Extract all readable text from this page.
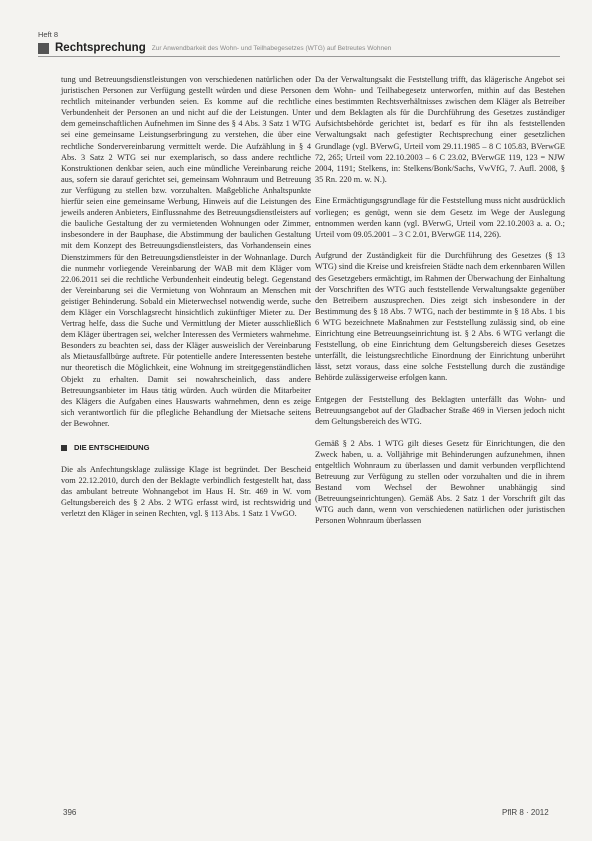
Heft 8
Rechtsprechung Zur Anwendbarkeit des Wohn- und Teilhabegesetzes (WTG) auf Betreutes Wohnen

tung und Betreuungsdienstleistungen von verschiedenen natürlichen oder juristischen Personen zur Verfügung gestellt würden und diese Personen rechtlich miteinander verbunden seien. Es komme auf die rechtliche Verbundenheit der Personen an und nicht auf die der Leistungen. Unter dem gemeinschaftlichen Aufnehmen im Sinne des § 4 Abs. 3 Satz 1 WTG sei eine gemeinsame Leistungserbringung zu verstehen, die über eine rechtliche Sondervereinbarung vermittelt werde. Die Aufzählung in § 4 Abs. 3 Satz 2 WTG sei nur exemplarisch, so dass andere rechtliche Konstruktionen denkbar seien, auch eine mündliche Vereinbarung reiche aus, sofern sie darauf gerichtet sei, gemeinsam Wohnraum und Betreuung zur Verfügung zu stellen bzw. vorzuhalten. Maßgebliche Anhaltspunkte hierfür seien eine gemeinsame Werbung, Hinweis auf die Leistungen des jeweils anderen Anbieters, Einflussnahme des Betreuungsdienstleisters auf die bauliche Gestaltung der zu vermietenden Wohnungen oder Zimmer, insbesondere in der Bauphase, die Abstimmung der baulichen Gestaltung mit dem Konzept des Betreuungsdienstleisters, das Vorhandensein eines Dienstzimmers für den Betreuungsdienstleister in der Wohnanlage. Durch die nunmehr vorliegende Vereinbarung der WAB mit dem Kläger vom 22.06.2011 sei die rechtliche Verbundenheit eindeutig belegt. Gegenstand der Vereinbarung sei die Vermietung von Wohnraum an Menschen mit geistiger Behinderung. Sobald ein Mieterwechsel notwendig werde, suche dem Kläger ein Vorschlagsrecht hinsichtlich zukünftiger Mieter zu. Der Vertrag helfe, dass die Suche und Vermittlung der Mieter ausschließlich dem Kläger übertragen sei, welcher Interessen des Vermieters wahrnehme. Besonders zu beachten sei, dass der Kläger ausweislich der Vereinbarung als Mietausfallbürge auftrete. Für potentielle andere Interessenten bestehe nur theoretisch die Möglichkeit, eine Wohnung im streitgegenständlichen Objekt zu erhalten. Damit sei nowahrscheinlich, dass andere Betreuungsanbieter im Haus tätig würden. Auch würden die Mitarbeiter des Klägers die Aufgaben eines Hauswarts wahrnehmen, denn es zeige sich verantwortlich für die pflegliche Behandlung der Mietsache seitens der Bewohner.

DIE ENTSCHEIDUNG

Die als Anfechtungsklage zulässige Klage ist begründet. Der Bescheid vom 22.12.2010, durch den der Beklagte verbindlich festgestellt hat, dass das ambulant betreute Wohnangebot im Haus H. Str. 469 in W. vom Geltungsbereich des § 2 Abs. 2 WTG erfasst wird, ist rechtswidrig und verletzt den Kläger in seinen Rechten, vgl. § 113 Abs. 1 Satz 1 VwGO.

Da der Verwaltungsakt die Feststellung trifft, das klägerische Angebot sei dem Wohn- und Teilhabegesetz unterworfen, mithin auf das Bestehen eines bestimmten Rechtsverhältnisses zwischen dem Kläger als Betreiber und dem Beklagten als für die Durchführung des Gesetzes zuständiger Aufsichtsbehörde gerichtet ist, bedarf es für ihn als feststellenden Verwaltungsakt nach gefestigter Rechtsprechung einer gesetzlichen Grundlage (vgl. BVerwG, Urteil vom 29.11.1985 – 8 C 105.83, BVerwGE 72, 265; Urteil vom 22.10.2003 – 6 C 23.02, BVerwGE 119, 123 = NJW 2004, 1191; Stelkens, in: Stelkens/Bonk/Sachs, VwVfG, 7. Aufl. 2008, § 35 Rn. 220 m. w. N.).

Eine Ermächtigungsgrundlage für die Feststellung muss nicht ausdrücklich vorliegen; es genügt, wenn sie dem Gesetz im Wege der Auslegung entnommen werden kann (vgl. BVerwG, Urteil vom 22.10.2003 a. a. O.; Urteil vom 09.05.2001 – 3 C 2.01, BVerwGE 114, 226).

Aufgrund der Zuständigkeit für die Durchführung des Gesetzes (§ 13 WTG) sind die Kreise und kreisfreien Städte nach dem erkennbaren Willen des Gesetzgebers ermächtigt, im Rahmen der Überwachung der Einhaltung der Vorschriften des WTG auch feststellende Verwaltungsakte gegenüber den Betreibern auszusprechen. Dies zeigt sich insbesondere in der Bestimmung des § 18 Abs. 7 WTG, nach der bestimmte in § 18 Abs. 1 bis 6 WTG bezeichnete Maßnahmen zur Feststellung zulässig sind, ob eine Einrichtung eine Betreuungseinrichtung ist. § 2 Abs. 6 WTG verlangt die Feststellung, ob eine Einrichtung dem Geltungsbereich dieses Gesetzes unterfällt, die leistungsrechtliche Einordnung der Einrichtung unberührt lässt, setzt voraus, dass eine solche Feststellung durch die zuständige Behörde zulässigerweise erfolgen kann.

Entgegen der Feststellung des Beklagten unterfällt das Wohn- und Betreuungsangebot auf der Gladbacher Straße 469 in Viersen jedoch nicht dem Geltungsbereich des WTG.

Gemäß § 2 Abs. 1 WTG gilt dieses Gesetz für Einrichtungen, die den Zweck haben, u. a. Volljährige mit Behinderungen aufzunehmen, ihnen entgeltlich Wohnraum zu überlassen und damit verbunden verpflichtend Betreuung zur Verfügung zu stellen oder vorzuhalten und die in ihrem Bestand vom Wechsel der Bewohner unabhängig sind (Betreuungseinrichtungen). Gemäß Abs. 2 Satz 1 der Vorschrift gilt das WTG auch dann, wenn von verschiedenen natürlichen oder juristischen Personen Wohnraum überlassen

396	PflR 8 · 2012
